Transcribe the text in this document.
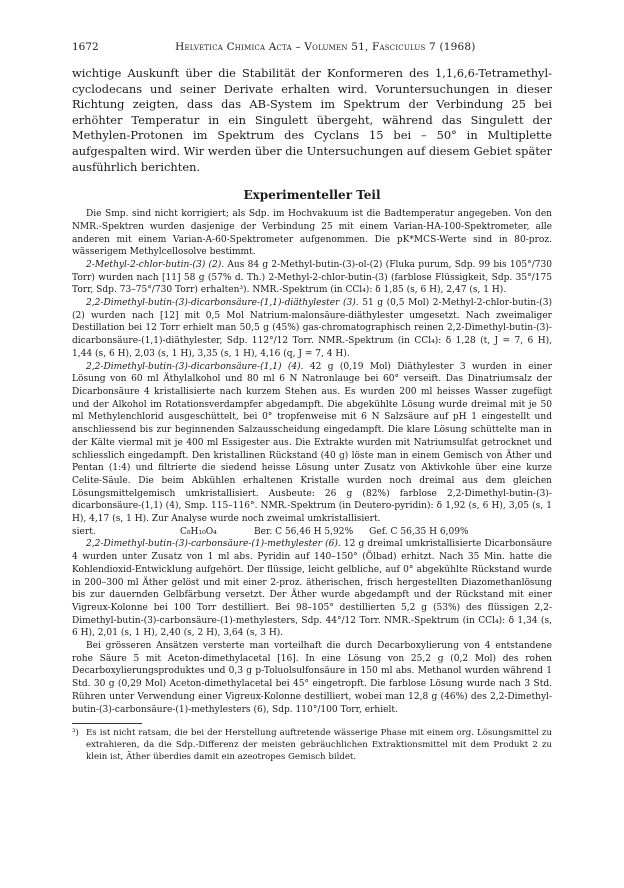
1672	Helvetica Chimica Acta – Volumen 51, Fasciculus 7 (1968)

wichtige Auskunft über die Stabilität der Konformeren des 1,1,6,6-Tetramethyl-cyclodecans und seiner Derivate erhalten wird. Voruntersuchungen in dieser Richtung zeigten, dass das AB-System im Spektrum der Verbindung 25 bei erhöhter Temperatur in ein Singulett übergeht, während das Singulett der Methylen-Protonen im Spektrum des Cyclans 15 bei – 50° in Multiplette aufgespalten wird. Wir werden über die Untersuchungen auf diesem Gebiet später ausführlich berichten.

Experimenteller Teil

Die Smp. sind nicht korrigiert; als Sdp. im Hochvakuum ist die Badtemperatur angegeben. Von den NMR.-Spektren wurden dasjenige der Verbindung 25 mit einem Varian-HA-100-Spektrometer, alle anderen mit einem Varian-A-60-Spektrometer aufgenommen. Die pK*MCS-Werte sind in 80-proz. wässerigem Methylcellosolve bestimmt.

2-Methyl-2-chlor-butin-(3) (2). Aus 84 g 2-Methyl-butin-(3)-ol-(2) (Fluka purum, Sdp. 99 bis 105°/730 Torr) wurden nach [11] 58 g (57% d. Th.) 2-Methyl-2-chlor-butin-(3) (farblose Flüssigkeit, Sdp. 35°/175 Torr, Sdp. 73–75°/730 Torr) erhalten³). NMR.-Spektrum (in CCl₄): δ 1,85 (s, 6 H), 2,47 (s, 1 H).

2,2-Dimethyl-butin-(3)-dicarbonsäure-(1,1)-diäthylester (3). 51 g (0,5 Mol) 2-Methyl-2-chlor-butin-(3) (2) wurden nach [12] mit 0,5 Mol Natrium-malonsäure-diäthylester umgesetzt. Nach zweimaliger Destillation bei 12 Torr erhielt man 50,5 g (45%) gas-chromatographisch reinen 2,2-Dimethyl-butin-(3)-dicarbonsäure-(1,1)-diäthylester, Sdp. 112°/12 Torr. NMR.-Spektrum (in CCl₄): δ 1,28 (t, J = 7, 6 H), 1,44 (s, 6 H), 2,03 (s, 1 H), 3,35 (s, 1 H), 4,16 (q, J = 7, 4 H).

2,2-Dimethyl-butin-(3)-dicarbonsäure-(1,1) (4). 42 g (0,19 Mol) Diäthylester 3 wurden in einer Lösung von 60 ml Äthylalkohol und 80 ml 6 N Natronlauge bei 60° verseift. Das Dinatriumsalz der Dicarbonsäure 4 kristallisierte nach kurzem Stehen aus. Es wurden 200 ml heisses Wasser zugefügt und der Alkohol im Rotationsverdampfer abgedampft. Die abgekühlte Lösung wurde dreimal mit je 50 ml Methylenchlorid ausgeschüttelt, bei 0° tropfenweise mit 6 N Salzsäure auf pH 1 eingestellt und anschliessend bis zur beginnenden Salzausscheidung eingedampft. Die klare Lösung schüttelte man in der Kälte viermal mit je 400 ml Essigester aus. Die Extrakte wurden mit Natriumsulfat getrocknet und schliesslich eingedampft. Den kristallinen Rückstand (40 g) löste man in einem Gemisch von Äther und Pentan (1:4) und filtrierte die siedend heisse Lösung unter Zusatz von Aktivkohle über eine kurze Celite-Säule. Die beim Abkühlen erhaltenen Kristalle wurden noch dreimal aus dem gleichen Lösungsmittelgemisch umkristallisiert. Ausbeute: 26 g (82%) farblose 2,2-Dimethyl-butin-(3)-dicarbonsäure-(1,1) (4), Smp. 115–116°. NMR.-Spektrum (in Deutero-pyridin): δ 1,92 (s, 6 H), 3,05 (s, 1 H), 4,17 (s, 1 H). Zur Analyse wurde noch zweimal umkristallisiert.

siert.	C₈H₁₀O₄	Ber. C 56,46 H 5,92% Gef. C 56,35 H 6,09%

2,2-Dimethyl-butin-(3)-carbonsäure-(1)-methylester (6). 12 g dreimal umkristallisierte Dicarbonsäure 4 wurden unter Zusatz von 1 ml abs. Pyridin auf 140–150° (Ölbad) erhitzt. Nach 35 Min. hatte die Kohlendioxid-Entwicklung aufgehört. Der flüssige, leicht gelbliche, auf 0° abgekühlte Rückstand wurde in 200–300 ml Äther gelöst und mit einer 2-proz. ätherischen, frisch hergestellten Diazomethanlösung bis zur dauernden Gelbfärbung versetzt. Der Äther wurde abgedampft und der Rückstand mit einer Vigreux-Kolonne bei 100 Torr destilliert. Bei 98–105° destillierten 5,2 g (53%) des flüssigen 2,2-Dimethyl-butin-(3)-carbonsäure-(1)-methylesters, Sdp. 44°/12 Torr. NMR.-Spektrum (in CCl₄): δ 1,34 (s, 6 H), 2,01 (s, 1 H), 2,40 (s, 2 H), 3,64 (s, 3 H).

Bei grösseren Ansätzen versterte man vorteilhaft die durch Decarboxylierung von 4 entstandene rohe Säure 5 mit Aceton-dimethylacetal [16]. In eine Lösung von 25,2 g (0,2 Mol) des rohen Decarboxylierungsproduktes und 0,3 g p-Toluolsulfonsäure in 150 ml abs. Methanol wurden während 1 Std. 30 g (0,29 Mol) Aceton-dimethylacetal bei 45° eingetropft. Die farblose Lösung wurde nach 3 Std. Rühren unter Verwendung einer Vigreux-Kolonne destilliert, wobei man 12,8 g (46%) des 2,2-Dimethyl-butin-(3)-carbonsäure-(1)-methylesters (6), Sdp. 110°/100 Torr, erhielt.

³) Es ist nicht ratsam, die bei der Herstellung auftretende wässerige Phase mit einem org. Lösungsmittel zu extrahieren, da die Sdp.-Differenz der meisten gebräuchlichen Extraktionsmittel mit dem Produkt 2 zu klein ist, Äther überdies damit ein azeotropes Gemisch bildet.
